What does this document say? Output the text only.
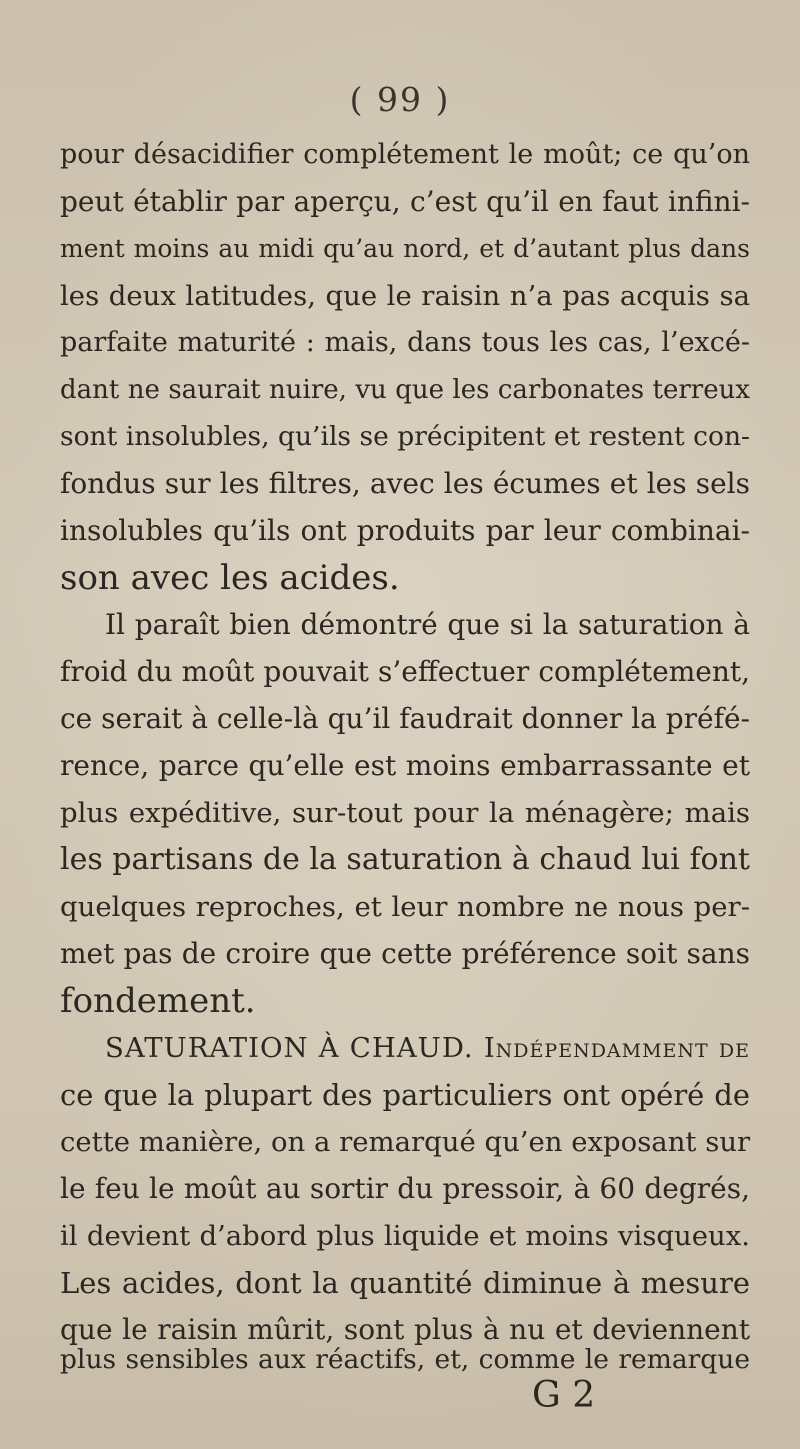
( 99 )
pour désacidifier complétement le moût; ce qu’on
peut établir par aperçu, c’est qu’il en faut infini-
ment moins au midi qu’au nord, et d’autant plus dans
les deux latitudes, que le raisin n’a pas acquis sa
parfaite maturité : mais, dans tous les cas, l’excé-
dant ne saurait nuire, vu que les carbonates terreux
sont insolubles, qu’ils se précipitent et restent con-
fondus sur les filtres, avec les écumes et les sels
insolubles qu’ils ont produits par leur combinai-
son avec les acides.
Il paraît bien démontré que si la saturation à
froid du moût pouvait s’effectuer complétement,
ce serait à celle-là qu’il faudrait donner la préfé-
rence, parce qu’elle est moins embarrassante et
plus expéditive, sur-tout pour la ménagère; mais
les partisans de la saturation à chaud lui font
quelques reproches, et leur nombre ne nous per-
met pas de croire que cette préférence soit sans
fondement.
SATURATION À CHAUD. Indépendamment de
ce que la plupart des particuliers ont opéré de
cette manière, on a remarqué qu’en exposant sur
le feu le moût au sortir du pressoir, à 60 degrés,
il devient d’abord plus liquide et moins visqueux.
Les acides, dont la quantité diminue à mesure
que le raisin mûrit, sont plus à nu et deviennent
plus sensibles aux réactifs, et, comme le remarque
G 2
